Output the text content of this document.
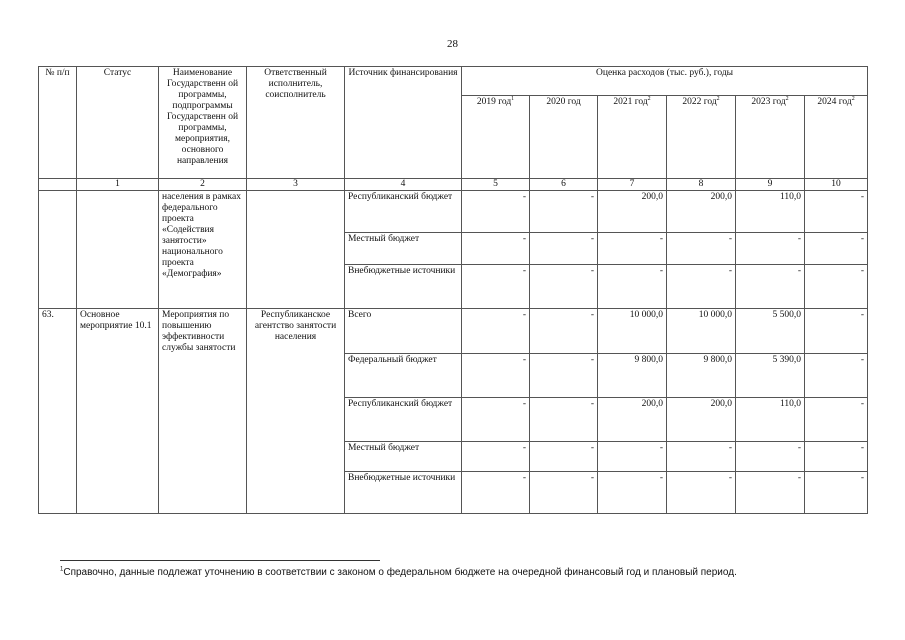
28
№ п/п	Статус	Наименование Государственн ой программы, подпрограммы Государственн ой программы, мероприятия, основного направления	Ответственный исполнитель, соисполнитель	Источник финансирования	Оценка расходов (тыс. руб.), годы					
					2019 год$^1$	2020 год	2021 год$^2$	2022 год$^2$	2023 год$^2$	2024 год$^2$
	1	2	3	4	5	6	7	8	9	10
		населения в рамках федерального проекта «Содействия занятости» национального проекта «Демография»		Республиканский бюджет	-	-	200,0	200,0	110,0	-
				Местный бюджет	-	-	-	-	-	-
				Внебюджетные источники	-	-	-	-	-	-
63.	Основное мероприятие 10.1	Мероприятия по повышению эффективности службы занятости	Республиканское агентство занятости населения	Всего	-	-	10 000,0	10 000,0	5 500,0	-
				Федеральный бюджет	-	-	9 800,0	9 800,0	5 390,0	-
				Республиканский бюджет	-	-	200,0	200,0	110,0	-
				Местный бюджет	-	-	-	-	-	-
				Внебюджетные источники	-	-	-	-	-	-
$^1$Справочно, данные подлежат уточнению в соответствии с законом о федеральном бюджете на очередной финансовый год и плановый период.
